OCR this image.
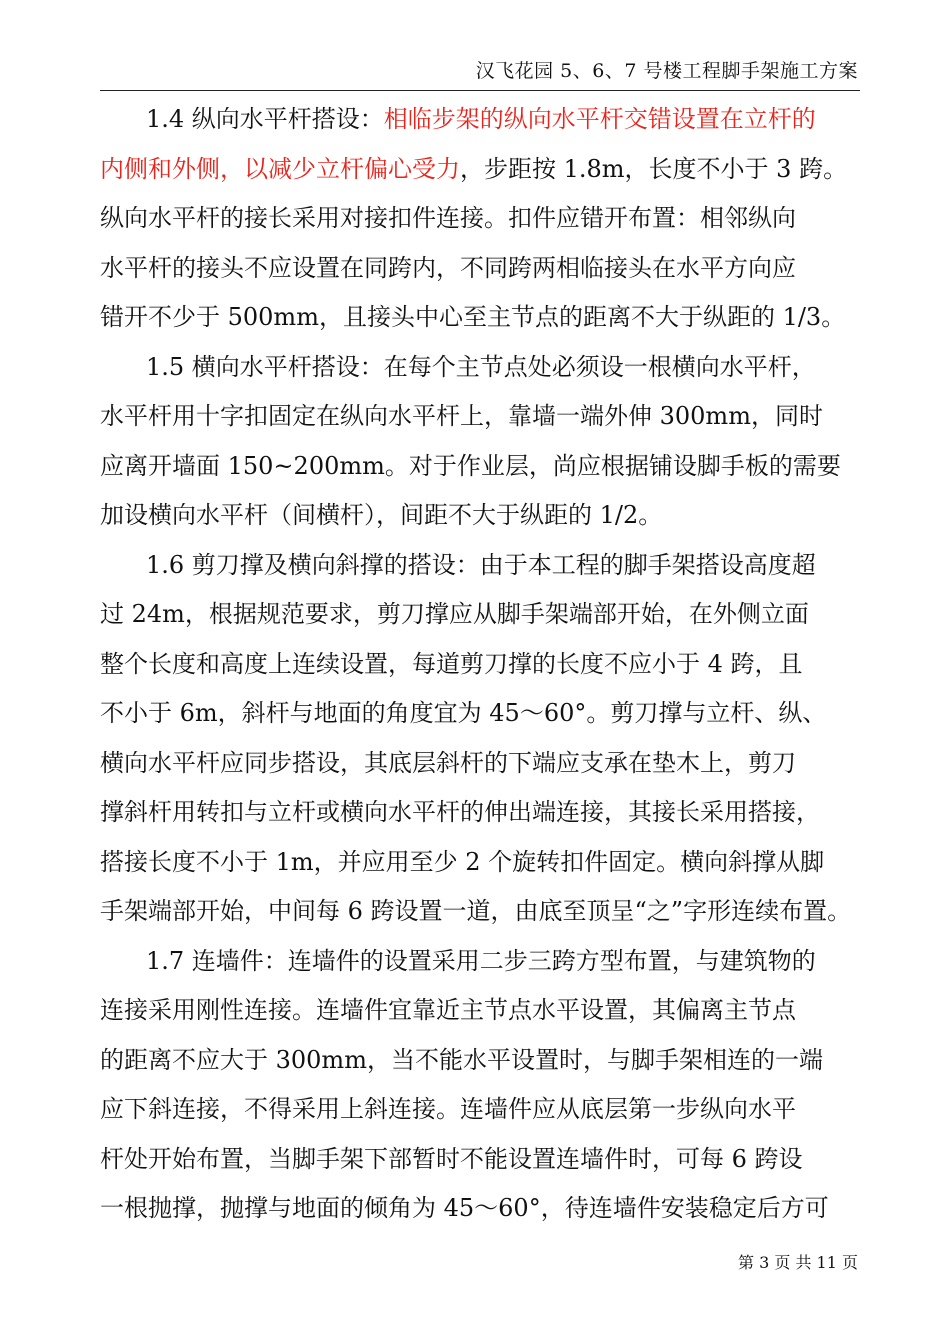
汉飞花园 5、6、7 号楼工程脚手架施工方案
1.4 纵向水平杆搭设：相临步架的纵向水平杆交错设置在立杆的
内侧和外侧，以减少立杆偏心受力，步距按 1.8m，长度不小于 3 跨。
纵向水平杆的接长采用对接扣件连接。扣件应错开布置：相邻纵向
水平杆的接头不应设置在同跨内，不同跨两相临接头在水平方向应
错开不少于 500mm，且接头中心至主节点的距离不大于纵距的 1/3。
1.5 横向水平杆搭设：在每个主节点处必须设一根横向水平杆，
水平杆用十字扣固定在纵向水平杆上，靠墙一端外伸 300mm，同时
应离开墙面 150~200mm。对于作业层，尚应根据铺设脚手板的需要
加设横向水平杆（间横杆），间距不大于纵距的 1/2。
1.6 剪刀撑及横向斜撑的搭设：由于本工程的脚手架搭设高度超
过 24m，根据规范要求，剪刀撑应从脚手架端部开始，在外侧立面
整个长度和高度上连续设置，每道剪刀撑的长度不应小于 4 跨，且
不小于 6m，斜杆与地面的角度宜为 45～60°。剪刀撑与立杆、纵、
横向水平杆应同步搭设，其底层斜杆的下端应支承在垫木上，剪刀
撑斜杆用转扣与立杆或横向水平杆的伸出端连接，其接长采用搭接，
搭接长度不小于 1m，并应用至少 2 个旋转扣件固定。横向斜撑从脚
手架端部开始，中间每 6 跨设置一道，由底至顶呈“之”字形连续布置。
1.7 连墙件：连墙件的设置采用二步三跨方型布置，与建筑物的
连接采用刚性连接。连墙件宜靠近主节点水平设置，其偏离主节点
的距离不应大于 300mm，当不能水平设置时，与脚手架相连的一端
应下斜连接，不得采用上斜连接。连墙件应从底层第一步纵向水平
杆处开始布置，当脚手架下部暂时不能设置连墙件时，可每 6 跨设
一根抛撑，抛撑与地面的倾角为 45～60°，待连墙件安装稳定后方可
第 3 页 共 11 页
